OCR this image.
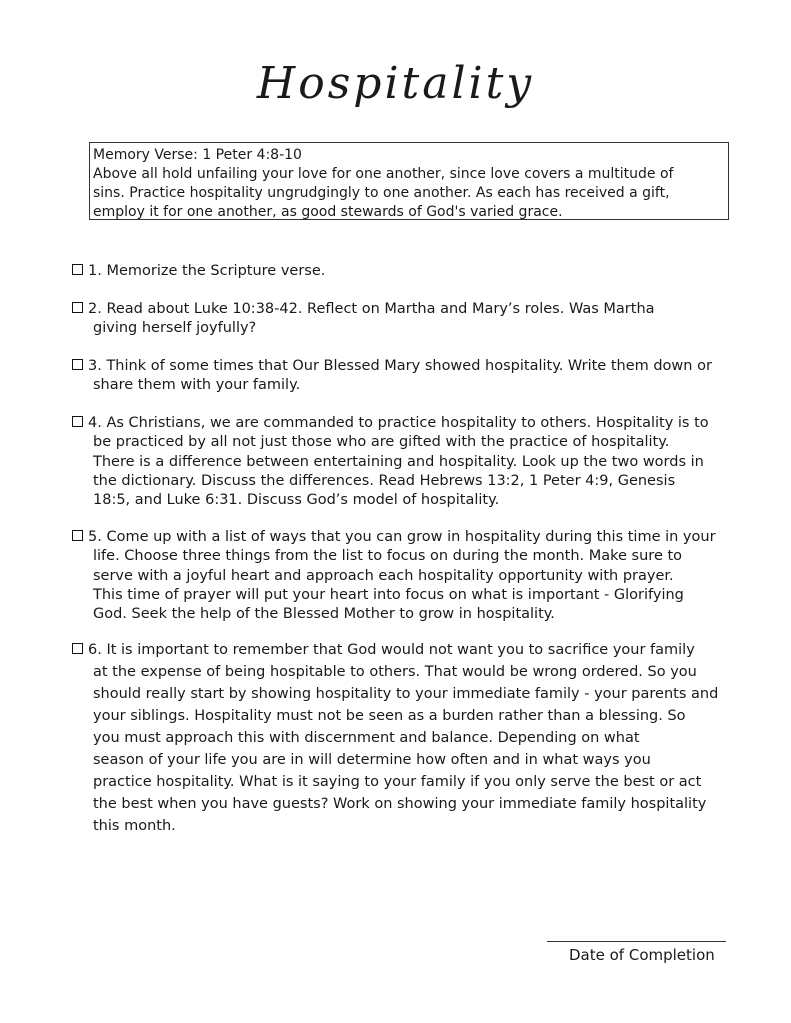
Hospitality
Memory Verse: 1 Peter 4:8-10
Above all hold unfailing your love for one another, since love covers a multitude of
sins. Practice hospitality ungrudgingly to one another. As each has received a gift,
employ it for one another, as good stewards of God's varied grace.
1. Memorize the Scripture verse.
2. Read about Luke 10:38-42. Reflect on Martha and Mary’s roles. Was Martha
giving herself joyfully?
3. Think of some times that Our Blessed Mary showed hospitality. Write them down or
share them with your family.
4. As Christians, we are commanded to practice hospitality to others. Hospitality is to
be practiced by all not just those who are gifted with the practice of hospitality.
There is a difference between entertaining and hospitality. Look up the two words in
the dictionary. Discuss the differences. Read Hebrews 13:2, 1 Peter 4:9, Genesis
18:5, and Luke 6:31. Discuss God’s model of hospitality.
5. Come up with a list of ways that you can grow in hospitality during this time in your
life. Choose three things from the list to focus on during the month. Make sure to
serve with a joyful heart and approach each hospitality opportunity with prayer.
This time of prayer will put your heart into focus on what is important - Glorifying
God. Seek the help of the Blessed Mother to grow in hospitality.
6. It is important to remember that God would not want you to sacrifice your family
at the expense of being hospitable to others. That would be wrong ordered. So you
should really start by showing hospitality to your immediate family - your parents and
your siblings. Hospitality must not be seen as a burden rather than a blessing. So
you must approach this with discernment and balance. Depending on what
season of your life you are in will determine how often and in what ways you
practice hospitality. What is it saying to your family if you only serve the best or act
the best when you have guests? Work on showing your immediate family hospitality
this month.
Date of Completion
